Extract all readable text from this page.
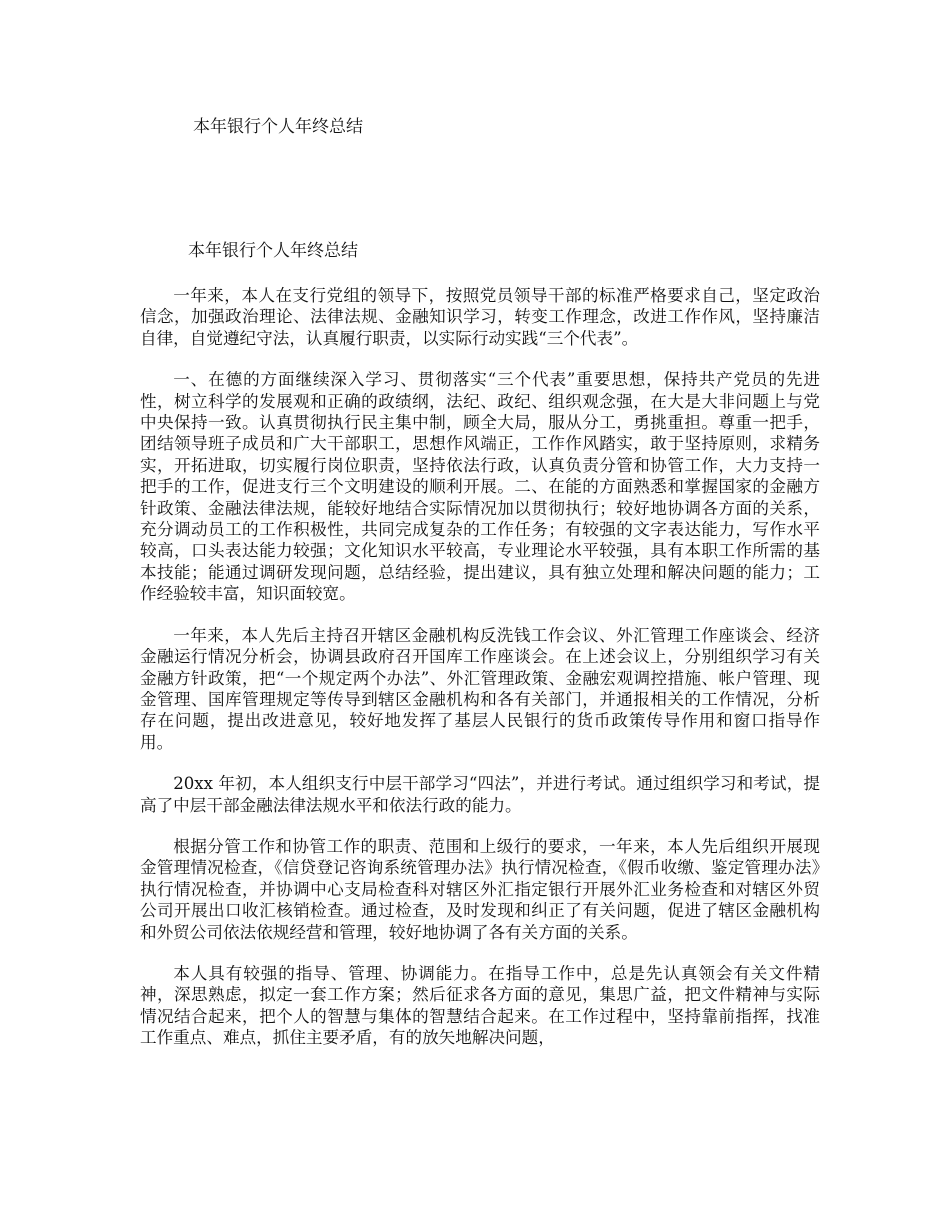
本年银行个人年终总结
本年银行个人年终总结

一年来，本人在支行党组的领导下，按照党员领导干部的标准严格要求自己，坚定政治信念，加强政治理论、法律法规、金融知识学习，转变工作理念，改进工作作风，坚持廉洁自律，自觉遵纪守法，认真履行职责，以实际行动实践“三个代表”。

一、在德的方面继续深入学习、贯彻落实“三个代表”重要思想，保持共产党员的先进性，树立科学的发展观和正确的政绩纲，法纪、政纪、组织观念强，在大是大非问题上与党中央保持一致。认真贯彻执行民主集中制，顾全大局，服从分工，勇挑重担。尊重一把手，团结领导班子成员和广大干部职工，思想作风端正，工作作风踏实，敢于坚持原则，求精务实，开拓进取，切实履行岗位职责，坚持依法行政，认真负责分管和协管工作，大力支持一把手的工作，促进支行三个文明建设的顺利开展。二、在能的方面熟悉和掌握国家的金融方针政策、金融法律法规，能较好地结合实际情况加以贯彻执行；较好地协调各方面的关系，充分调动员工的工作积极性，共同完成复杂的工作任务；有较强的文字表达能力，写作水平较高，口头表达能力较强；文化知识水平较高，专业理论水平较强，具有本职工作所需的基本技能；能通过调研发现问题，总结经验，提出建议，具有独立处理和解决问题的能力；工作经验较丰富，知识面较宽。

一年来，本人先后主持召开辖区金融机构反洗钱工作会议、外汇管理工作座谈会、经济金融运行情况分析会，协调县政府召开国库工作座谈会。在上述会议上，分别组织学习有关金融方针政策，把“一个规定两个办法”、外汇管理政策、金融宏观调控措施、帐户管理、现金管理、国库管理规定等传导到辖区金融机构和各有关部门，并通报相关的工作情况，分析存在问题，提出改进意见，较好地发挥了基层人民银行的货币政策传导作用和窗口指导作用。

20xx 年初，本人组织支行中层干部学习“四法”，并进行考试。通过组织学习和考试，提高了中层干部金融法律法规水平和依法行政的能力。

根据分管工作和协管工作的职责、范围和上级行的要求，一年来，本人先后组织开展现金管理情况检查，《信贷登记咨询系统管理办法》执行情况检查，《假币收缴、鉴定管理办法》执行情况检查，并协调中心支局检查科对辖区外汇指定银行开展外汇业务检查和对辖区外贸公司开展出口收汇核销检查。通过检查，及时发现和纠正了有关问题，促进了辖区金融机构和外贸公司依法依规经营和管理，较好地协调了各有关方面的关系。

本人具有较强的指导、管理、协调能力。在指导工作中，总是先认真领会有关文件精神，深思熟虑，拟定一套工作方案；然后征求各方面的意见，集思广益，把文件精神与实际情况结合起来，把个人的智慧与集体的智慧结合起来。在工作过程中，坚持靠前指挥，找准工作重点、难点，抓住主要矛盾，有的放矢地解决问题，
